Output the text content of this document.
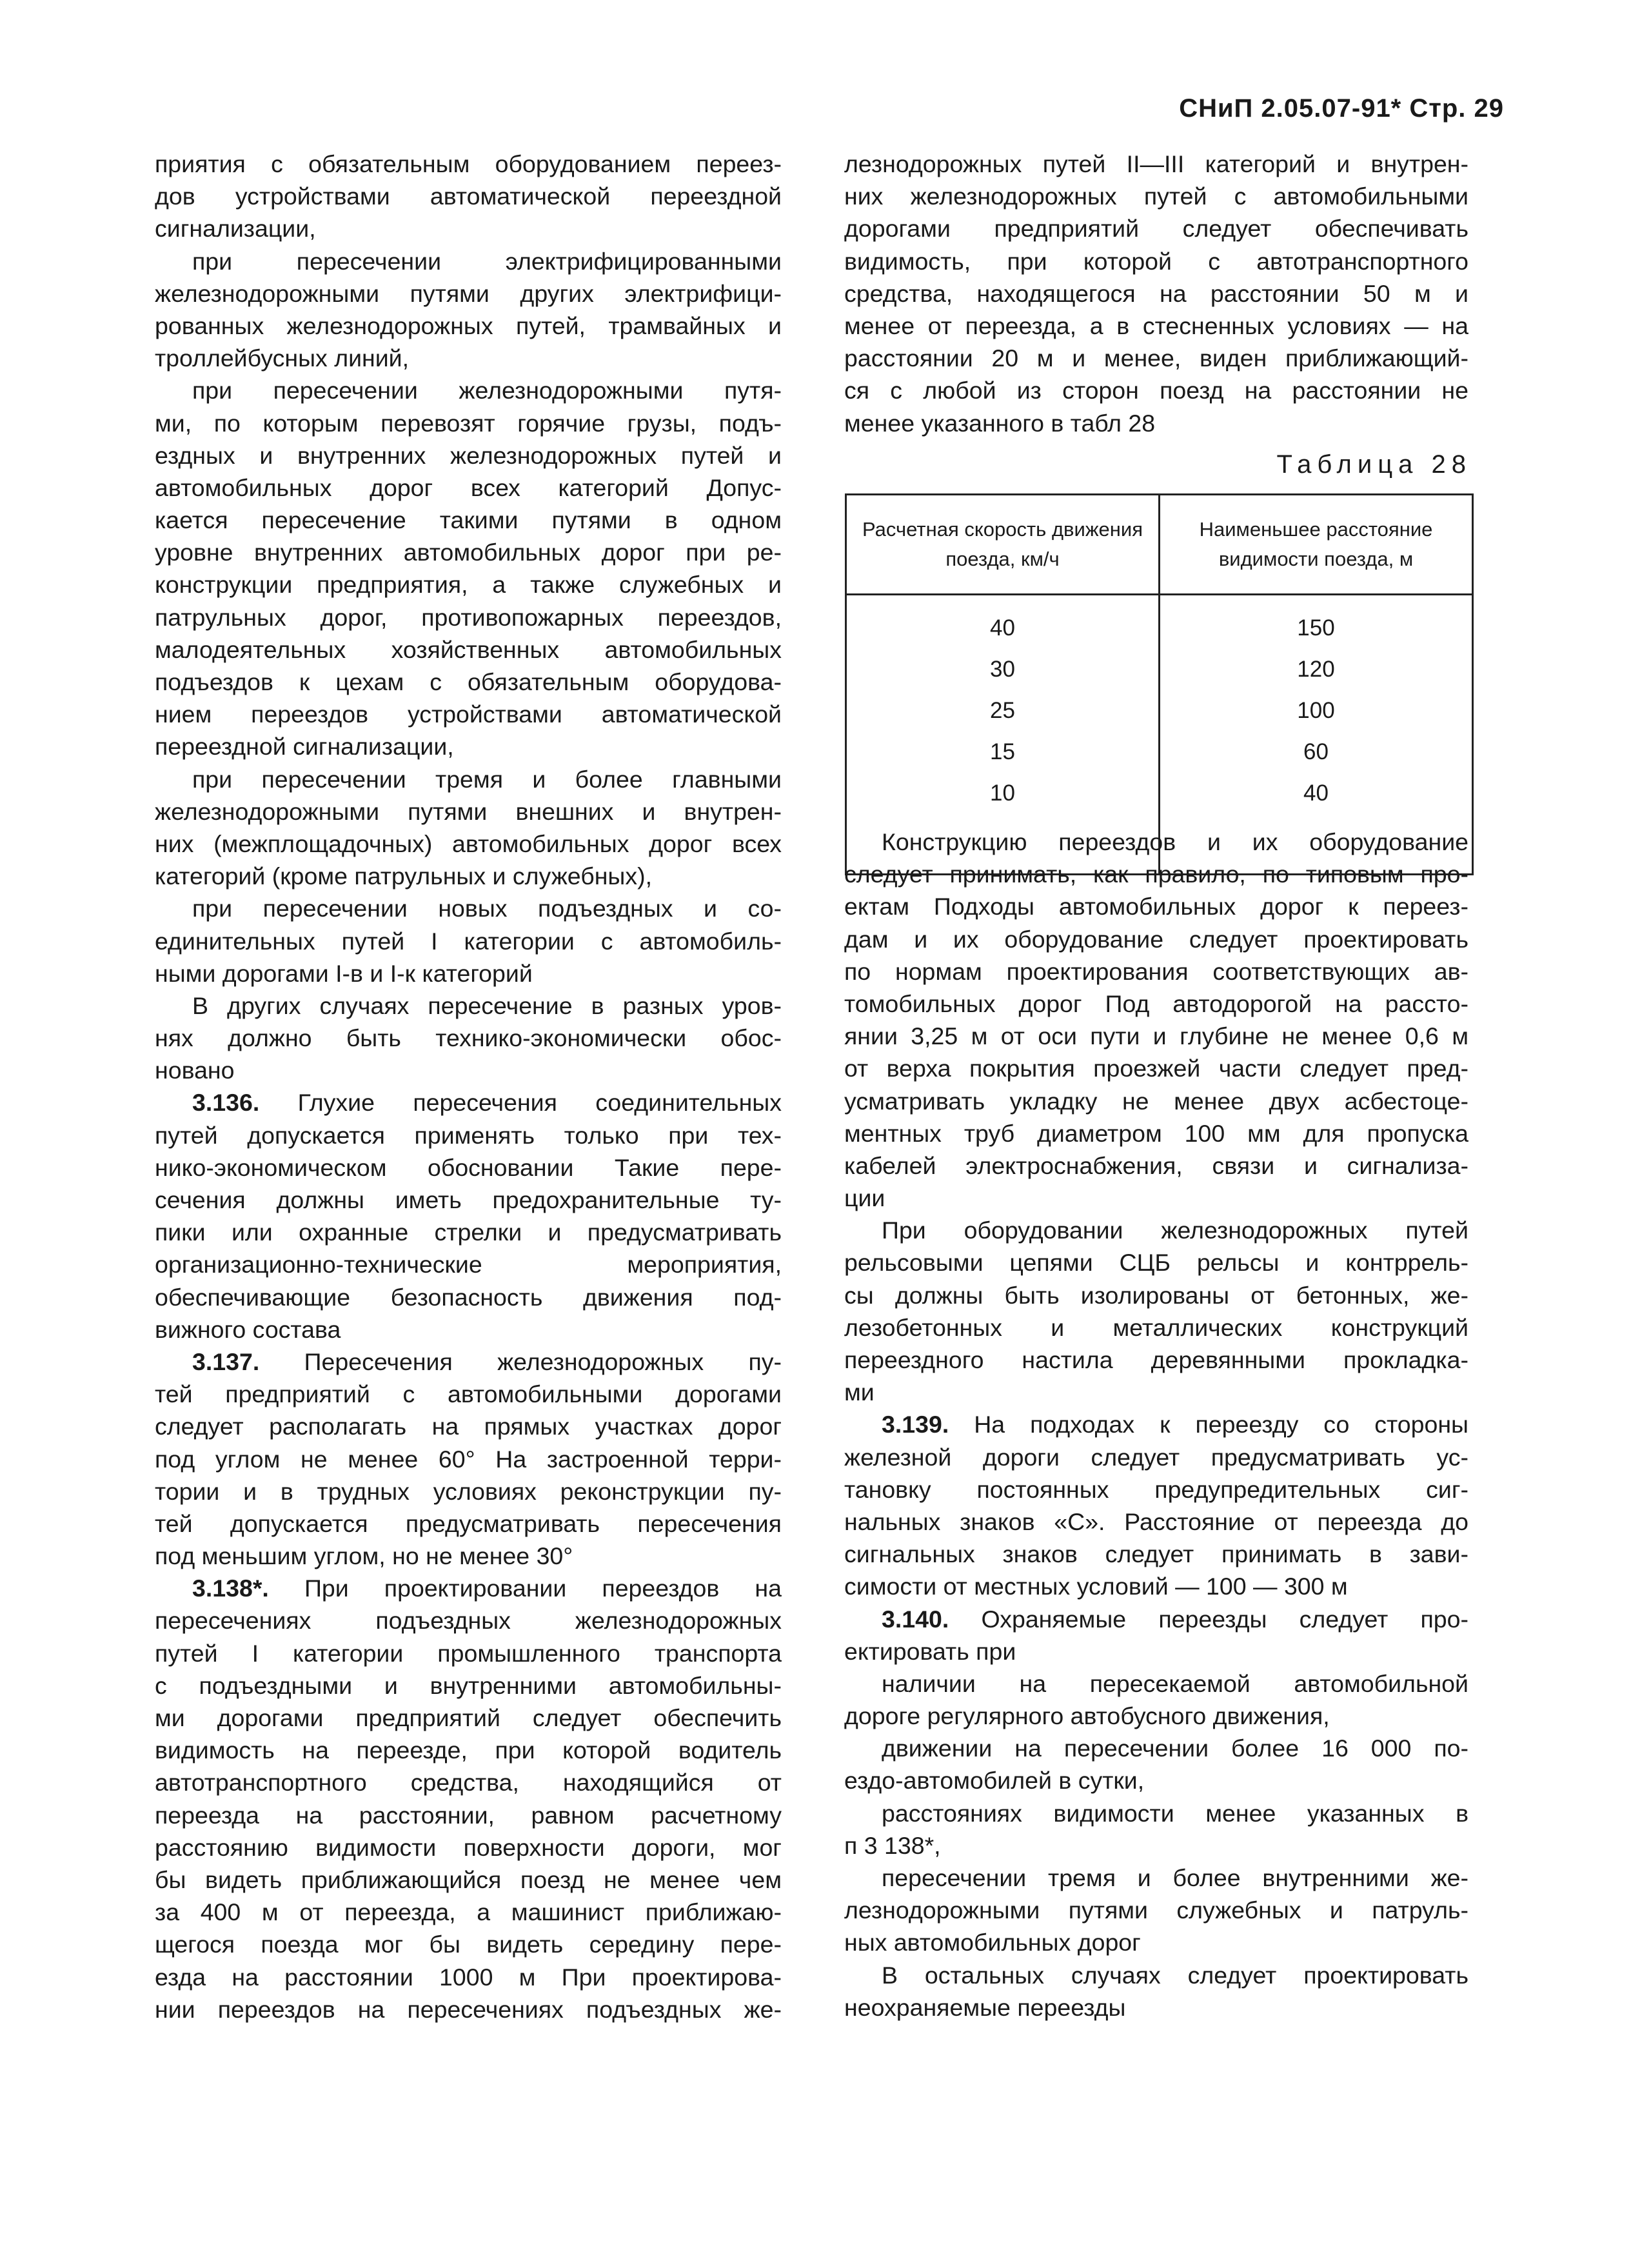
СНиП 2.05.07-91* Стр. 29
приятия с обязательным оборудованием переез-
дов устройствами автоматической переездной
сигнализации,
при пересечении электрифицированными
железнодорожными путями других электрифици-
рованных железнодорожных путей, трамвайных и
троллейбусных линий,
при пересечении железнодорожными путя-
ми, по которым перевозят горячие грузы, подъ-
ездных и внутренних железнодорожных путей и
автомобильных дорог всех категорий Допус-
кается пересечение такими путями в одном
уровне внутренних автомобильных дорог при ре-
конструкции предприятия, а также служебных и
патрульных дорог, противопожарных переездов,
малодеятельных хозяйственных автомобильных
подъездов к цехам с обязательным оборудова-
нием переездов устройствами автоматической
переездной сигнализации,
при пересечении тремя и более главными
железнодорожными путями внешних и внутрен-
них (межплощадочных) автомобильных дорог всех
категорий (кроме патрульных и служебных),
при пересечении новых подъездных и со-
единительных путей I категории с автомобиль-
ными дорогами I-в и I-к категорий
В других случаях пересечение в разных уров-
нях должно быть технико-экономически обос-
новано
3.136. Глухие пересечения соединительных
путей допускается применять только при тех-
нико-экономическом обосновании Такие пере-
сечения должны иметь предохранительные ту-
пики или охранные стрелки и предусматривать
организационно-технические мероприятия,
обеспечивающие безопасность движения под-
вижного состава
3.137. Пересечения железнодорожных пу-
тей предприятий с автомобильными дорогами
следует располагать на прямых участках дорог
под углом не менее 60° На застроенной терри-
тории и в трудных условиях реконструкции пу-
тей допускается предусматривать пересечения
под меньшим углом, но не менее 30°
3.138*. При проектировании переездов на
пересечениях подъездных железнодорожных
путей I категории промышленного транспорта
с подъездными и внутренними автомобильны-
ми дорогами предприятий следует обеспечить
видимость на переезде, при которой водитель
автотранспортного средства, находящийся от
переезда на расстоянии, равном расчетному
расстоянию видимости поверхности дороги, мог
бы видеть приближающийся поезд не менее чем
за 400 м от переезда, а машинист приближаю-
щегося поезда мог бы видеть середину пере-
езда на расстоянии 1000 м При проектирова-
нии переездов на пересечениях подъездных же-
лезнодорожных путей II—III категорий и внутрен-
них железнодорожных путей с автомобильными
дорогами предприятий следует обеспечивать
видимость, при которой с автотранспортного
средства, находящегося на расстоянии 50 м и
менее от переезда, а в стесненных условиях — на
расстоянии 20 м и менее, виден приближающий-
ся с любой из сторон поезд на расстоянии не
менее указанного в табл 28
Таблица 28
Расчетная скорость движения поезда, км/ч	Наименьшее расстояние видимости поезда, м
40	150
30	120
25	100
15	60
10	40

Конструкцию переездов и их оборудование
следует принимать, как правило, по типовым про-
ектам Подходы автомобильных дорог к переез-
дам и их оборудование следует проектировать
по нормам проектирования соответствующих ав-
томобильных дорог Под автодорогой на рассто-
янии 3,25 м от оси пути и глубине не менее 0,6 м
от верха покрытия проезжей части следует пред-
усматривать укладку не менее двух асбестоце-
ментных труб диаметром 100 мм для пропуска
кабелей электроснабжения, связи и сигнализа-
ции
При оборудовании железнодорожных путей
рельсовыми цепями СЦБ рельсы и контррель-
сы должны быть изолированы от бетонных, же-
лезобетонных и металлических конструкций
переездного настила деревянными прокладка-
ми
3.139. На подходах к переезду со стороны
железной дороги следует предусматривать ус-
тановку постоянных предупредительных сиг-
нальных знаков «С». Расстояние от переезда до
сигнальных знаков следует принимать в зави-
симости от местных условий — 100 — 300 м
3.140. Охраняемые переезды следует про-
ектировать при
наличии на пересекаемой автомобильной
дороге регулярного автобусного движения,
движении на пересечении более 16 000 по-
ездо-автомобилей в сутки,
расстояниях видимости менее указанных в
п 3 138*,
пересечении тремя и более внутренними же-
лезнодорожными путями служебных и патруль-
ных автомобильных дорог
В остальных случаях следует проектировать
неохраняемые переезды
